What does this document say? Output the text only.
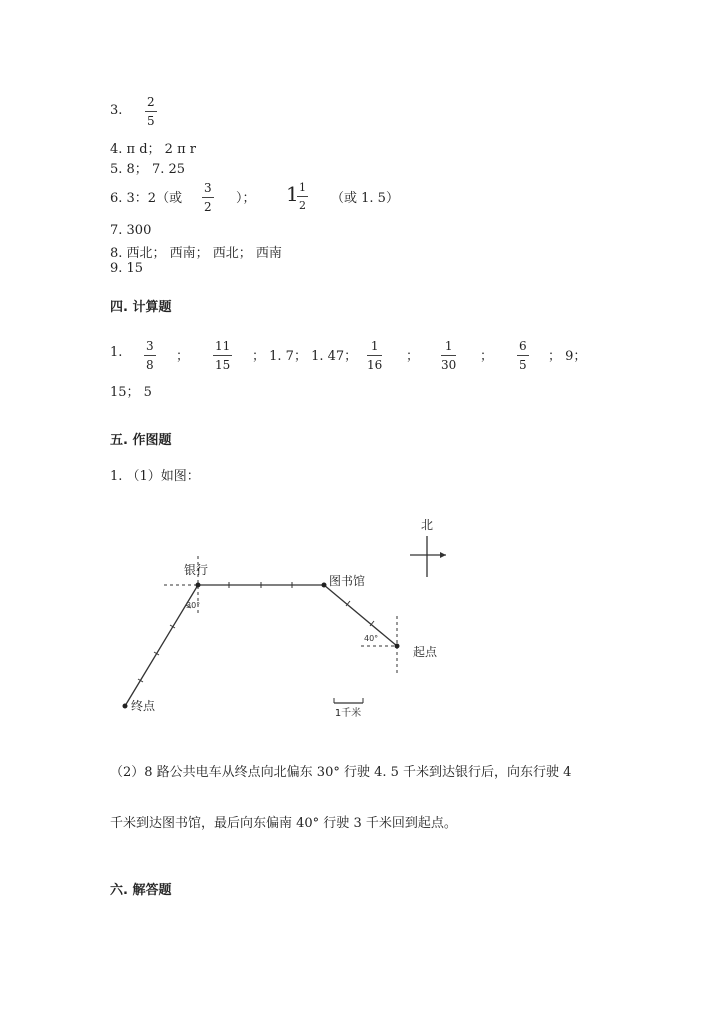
3.
2
5
4. π d； 2 π r
5. 8； 7. 25
6. 3：2（或
3
2
）； 1 1
2 （或 1. 5）
7. 300
8. 西北； 西南； 西北； 西南
9. 15
四. 计算题
1. 3
8
；
11
15
； 1. 7； 1. 47；
1
16
；
1
30
；
6
5
； 9；
15； 5
五. 作图题
1. （1）如图：
北
银行
图书馆
起点
终点
30°
40°
1千米
（2）8 路公共电车从终点向北偏东 30° 行驶 4. 5 千米到达银行后，向东行驶 4
千米到达图书馆，最后向东偏南 40° 行驶 3 千米回到起点。
六. 解答题
